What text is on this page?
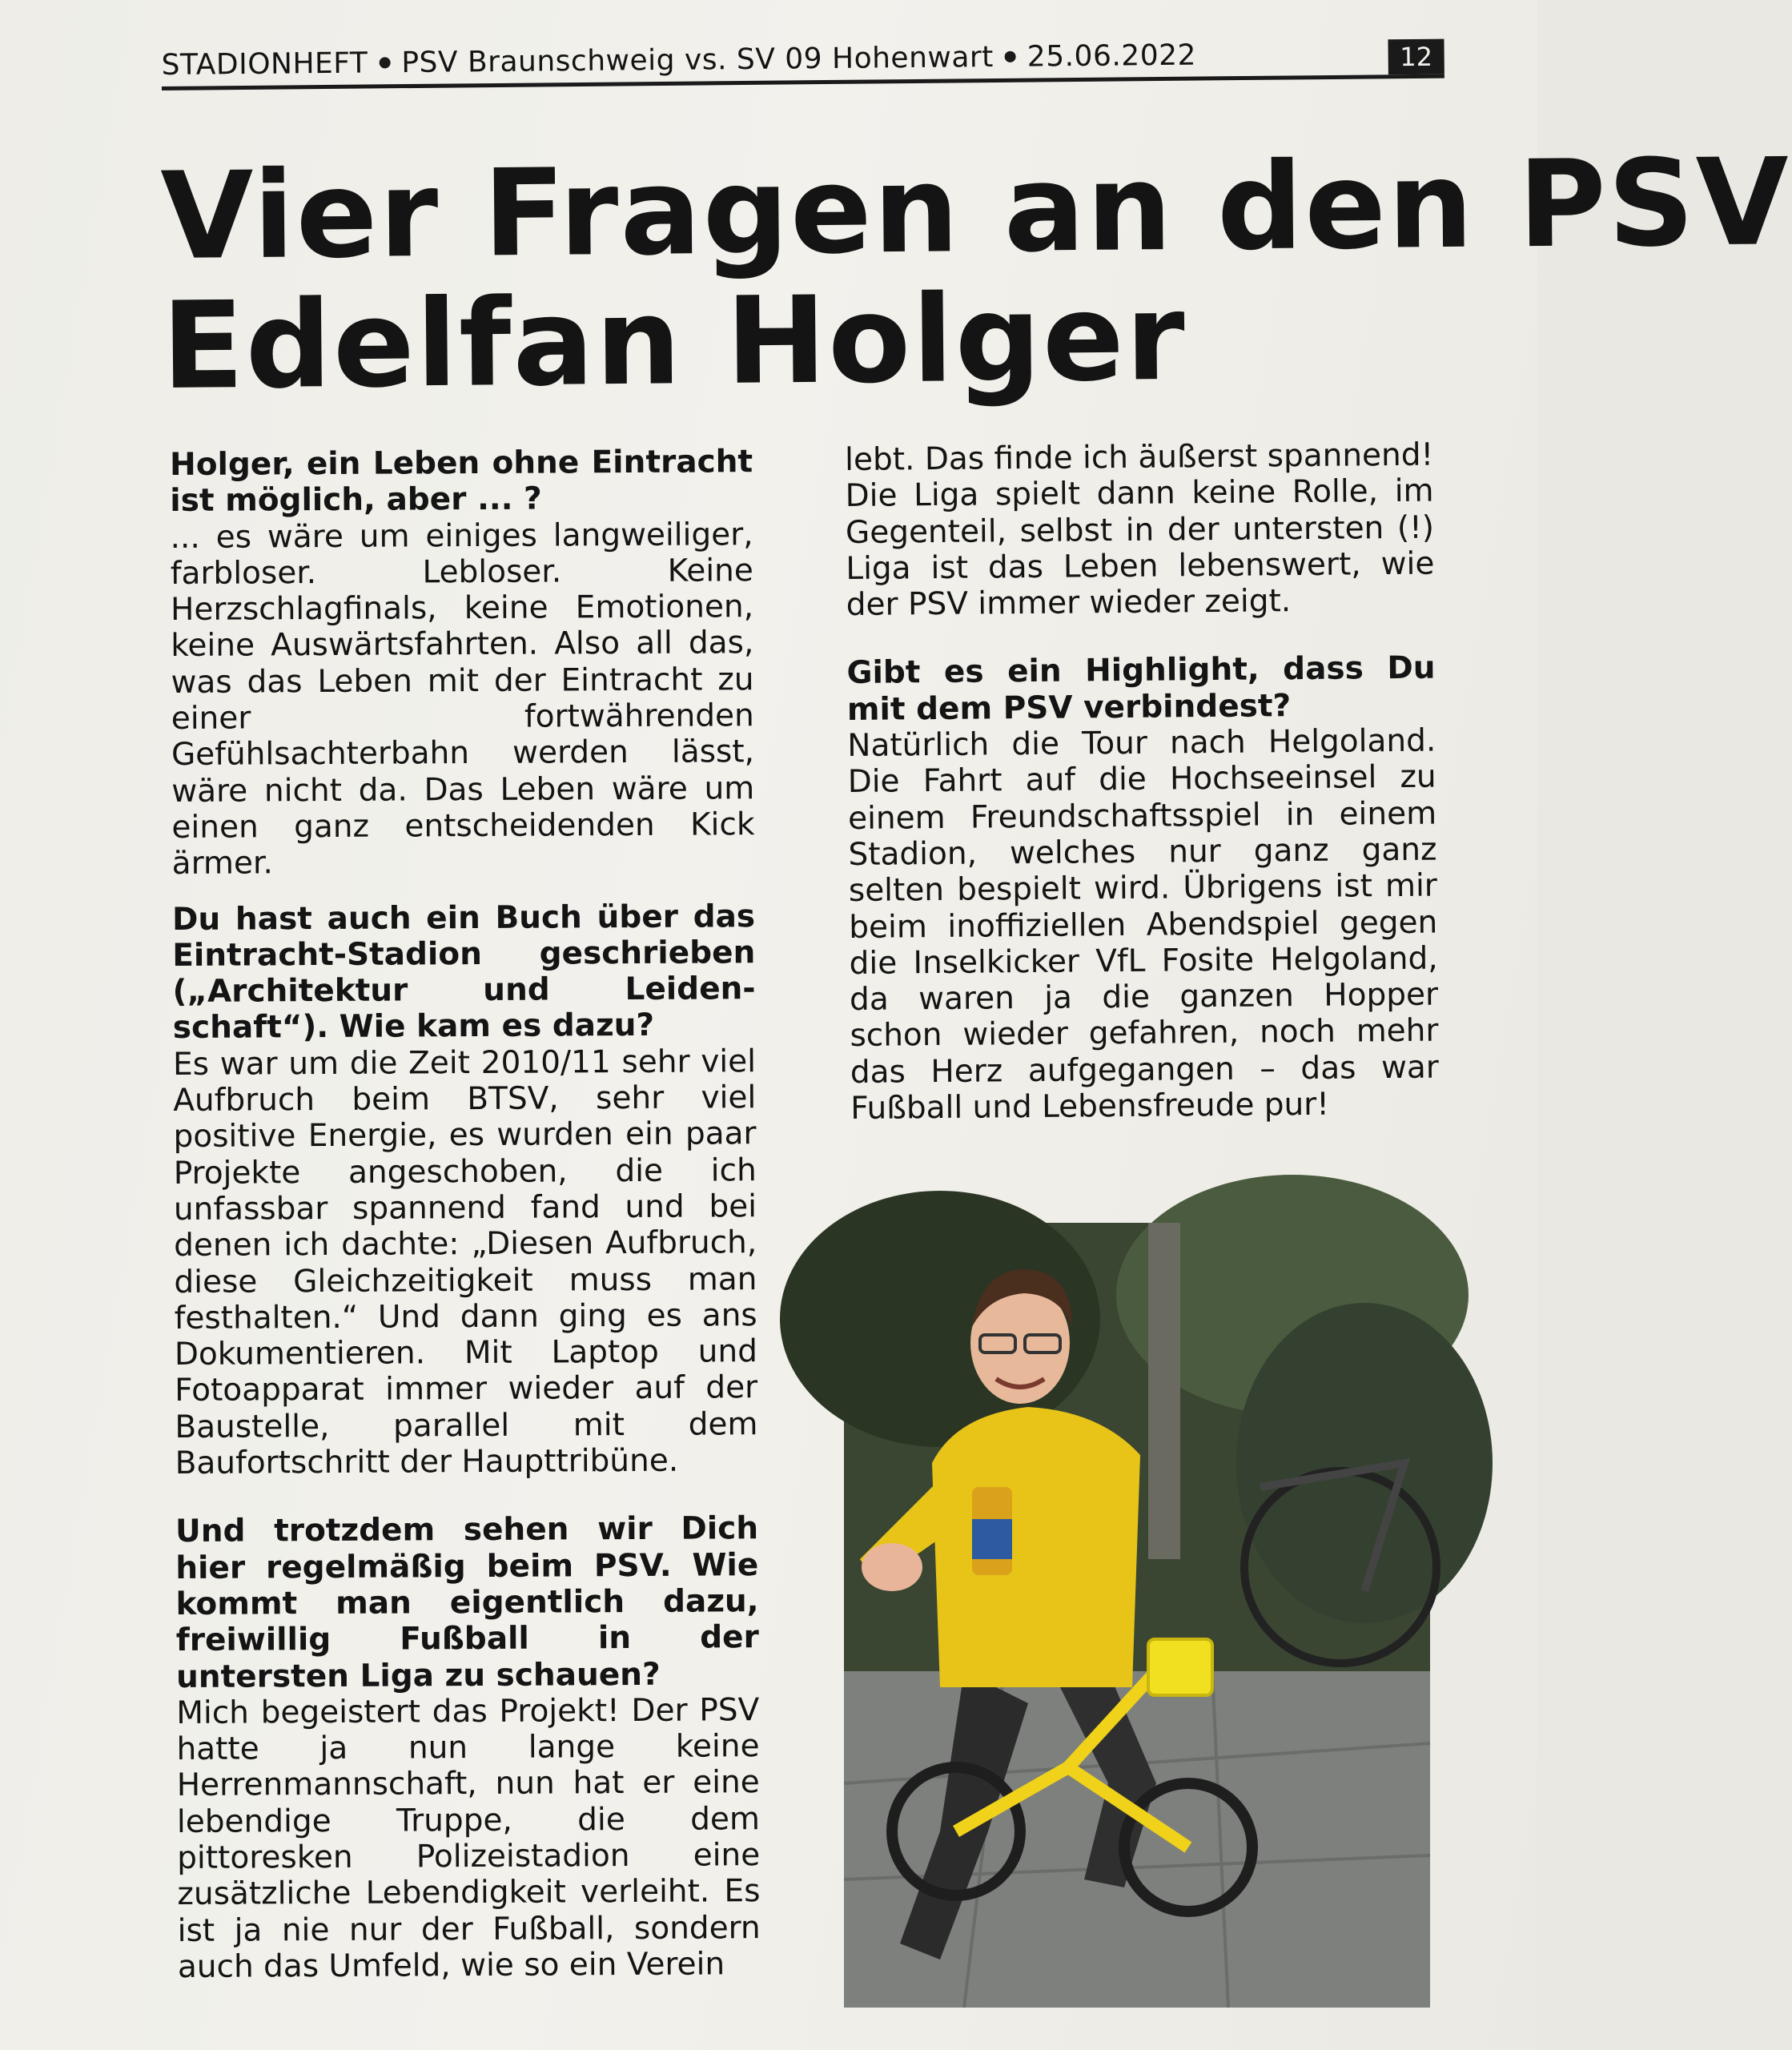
STADIONHEFT PSV Braunschweig vs. SV 09 Hohenwart 25.06.2022	12
Vier Fragen an den PSV
Edelfan Holger

Holger, ein Leben ohne Eintracht ist möglich, aber ... ?

... es wäre um einiges langweiliger, farbloser. Lebloser. Keine Herzschlagfinals, keine Emotionen, keine Auswärtsfahrten. Also all das, was das Leben mit der Eintracht zu einer fortwährenden Gefühlsachterbahn werden lässt, wäre nicht da. Das Leben wäre um einen ganz entscheidenden Kick ärmer.

Du hast auch ein Buch über das Eintracht-Stadion geschrieben („Architektur und Leiden-schaft“). Wie kam es dazu?

Es war um die Zeit 2010/11 sehr viel Aufbruch beim BTSV, sehr viel positive Energie, es wurden ein paar Projekte angeschoben, die ich unfassbar spannend fand und bei denen ich dachte: „Diesen Aufbruch, diese Gleichzeitigkeit muss man festhalten.“ Und dann ging es ans Dokumentieren. Mit Laptop und Fotoapparat immer wieder auf der Baustelle, parallel mit dem Baufortschritt der Haupttribüne.

Und trotzdem sehen wir Dich hier regelmäßig beim PSV. Wie kommt man eigentlich dazu, freiwillig Fußball in der untersten Liga zu schauen?

Mich begeistert das Projekt! Der PSV hatte ja nun lange keine Herrenmannschaft, nun hat er eine lebendige Truppe, die dem pittoresken Polizeistadion eine zusätzliche Lebendigkeit verleiht. Es ist ja nie nur der Fußball, sondern auch das Umfeld, wie so ein Verein

lebt. Das finde ich äußerst spannend! Die Liga spielt dann keine Rolle, im Gegenteil, selbst in der untersten (!) Liga ist das Leben lebenswert, wie der PSV immer wieder zeigt.

Gibt es ein Highlight, dass Du mit dem PSV verbindest?

Natürlich die Tour nach Helgoland. Die Fahrt auf die Hochseeinsel zu einem Freundschaftsspiel in einem Stadion, welches nur ganz ganz selten bespielt wird. Übrigens ist mir beim inoffiziellen Abendspiel gegen die Inselkicker VfL Fosite Helgoland, da waren ja die ganzen Hopper schon wieder gefahren, noch mehr das Herz aufgegangen – das war Fußball und Lebensfreude pur!
